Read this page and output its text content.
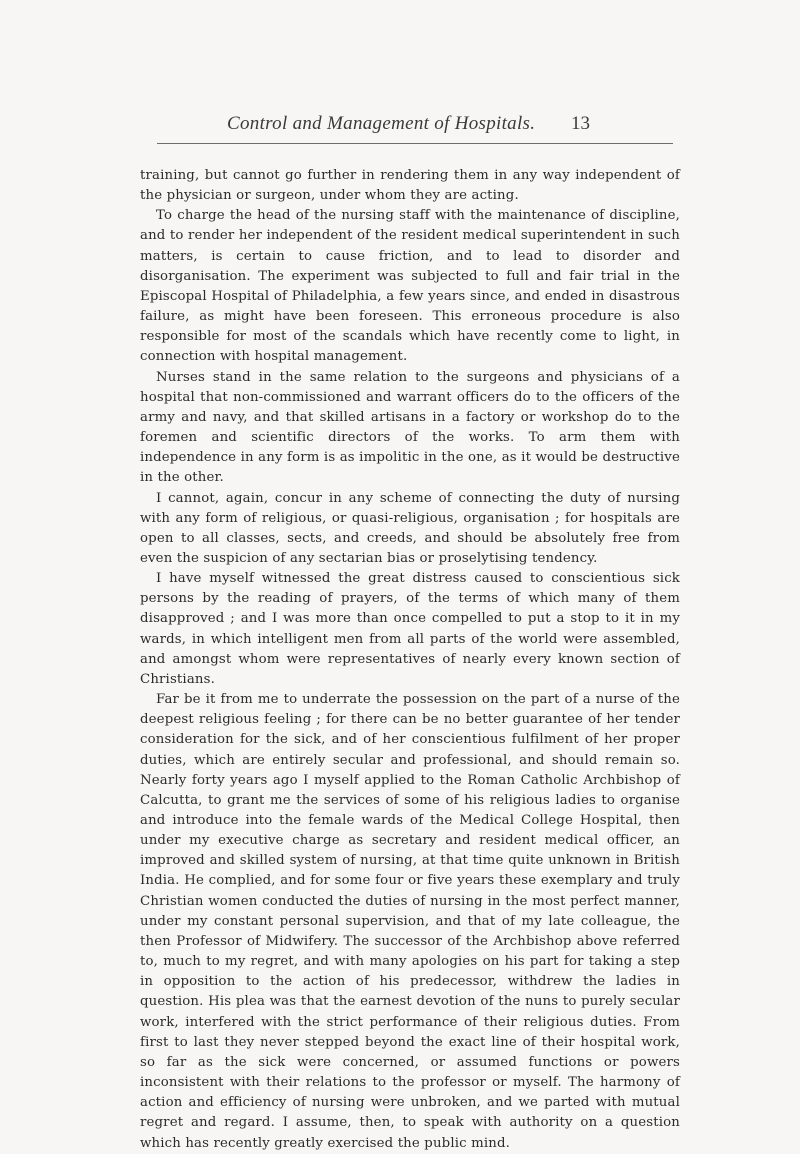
Control and Management of Hospitals. 13

training, but cannot go further in rendering them in any way independent of the physician or surgeon, under whom they are acting.

To charge the head of the nursing staff with the maintenance of discipline, and to render her independent of the resident medical superintendent in such matters, is certain to cause friction, and to lead to disorder and disorganisation. The experiment was subjected to full and fair trial in the Episcopal Hospital of Philadelphia, a few years since, and ended in disastrous failure, as might have been foreseen. This erroneous procedure is also responsible for most of the scandals which have recently come to light, in connection with hospital management.

Nurses stand in the same relation to the surgeons and physicians of a hospital that non-commissioned and warrant officers do to the officers of the army and navy, and that skilled artisans in a factory or workshop do to the foremen and scientific directors of the works. To arm them with independence in any form is as impolitic in the one, as it would be destructive in the other.

I cannot, again, concur in any scheme of connecting the duty of nursing with any form of religious, or quasi-religious, organisation ; for hospitals are open to all classes, sects, and creeds, and should be absolutely free from even the suspicion of any sectarian bias or proselytising tendency.

I have myself witnessed the great distress caused to conscientious sick persons by the reading of prayers, of the terms of which many of them disapproved ; and I was more than once compelled to put a stop to it in my wards, in which intelligent men from all parts of the world were assembled, and amongst whom were representatives of nearly every known section of Christians.

Far be it from me to underrate the possession on the part of a nurse of the deepest religious feeling ; for there can be no better guarantee of her tender consideration for the sick, and of her conscientious fulfilment of her proper duties, which are entirely secular and professional, and should remain so. Nearly forty years ago I myself applied to the Roman Catholic Archbishop of Calcutta, to grant me the services of some of his religious ladies to organise and introduce into the female wards of the Medical College Hospital, then under my executive charge as secretary and resident medical officer, an improved and skilled system of nursing, at that time quite unknown in British India. He complied, and for some four or five years these exemplary and truly Christian women conducted the duties of nursing in the most perfect manner, under my constant personal supervision, and that of my late colleague, the then Professor of Midwifery. The successor of the Archbishop above referred to, much to my regret, and with many apologies on his part for taking a step in opposition to the action of his predecessor, withdrew the ladies in question. His plea was that the earnest devotion of the nuns to purely secular work, interfered with the strict performance of their religious duties. From first to last they never stepped beyond the exact line of their hospital work, so far as the sick were concerned, or assumed functions or powers inconsistent with their relations to the professor or myself. The harmony of action and efficiency of nursing were unbroken, and we parted with mutual regret and regard. I assume, then, to speak with authority on a question which has recently greatly exercised the public mind.
